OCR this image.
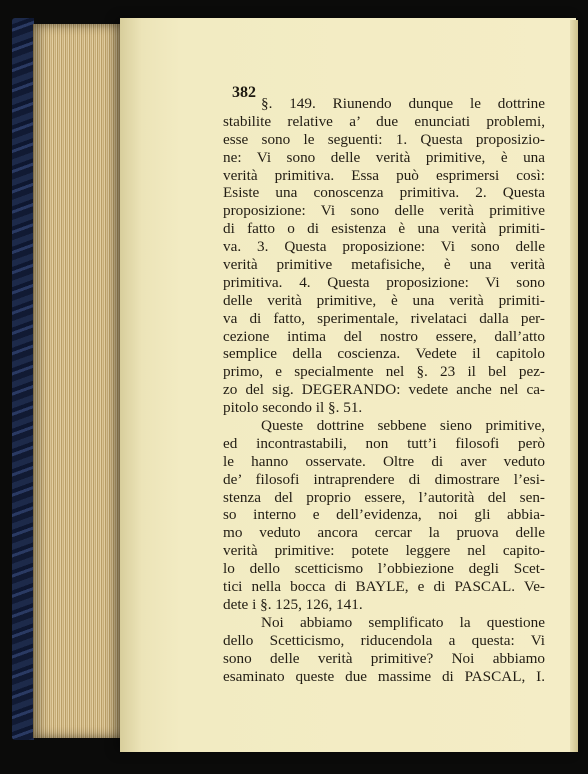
382
§. 149. Riunendo dunque le dottrine
stabilite relative a’ due enunciati problemi,
esse sono le seguenti: 1. Questa proposizio-
ne: Vi sono delle verità primitive, è una
verità primitiva. Essa può esprimersi così:
Esiste una conoscenza primitiva. 2. Questa
proposizione: Vi sono delle verità primitive
di fatto o di esistenza è una verità primiti-
va. 3. Questa proposizione: Vi sono delle
verità primitive metafisiche, è una verità
primitiva. 4. Questa proposizione: Vi sono
delle verità primitive, è una verità primiti-
va di fatto, sperimentale, rivelataci dalla per-
cezione intima del nostro essere, dall’atto
semplice della coscienza. Vedete il capitolo
primo, e specialmente nel §. 23 il bel pez-
zo del sig. DEGERANDO: vedete anche nel ca-
pitolo secondo il §. 51.
Queste dottrine sebbene sieno primitive,
ed incontrastabili, non tutt’i filosofi però
le hanno osservate. Oltre di aver veduto
de’ filosofi intraprendere di dimostrare l’esi-
stenza del proprio essere, l’autorità del sen-
so interno e dell’evidenza, noi gli abbia-
mo veduto ancora cercar la pruova delle
verità primitive: potete leggere nel capito-
lo dello scetticismo l’obbiezione degli Scet-
tici nella bocca di BAYLE, e di PASCAL. Ve-
dete i §. 125, 126, 141.
Noi abbiamo semplificato la questione
dello Scetticismo, riducendola a questa: Vi
sono delle verità primitive? Noi abbiamo
esaminato queste due massime di PASCAL, I.
